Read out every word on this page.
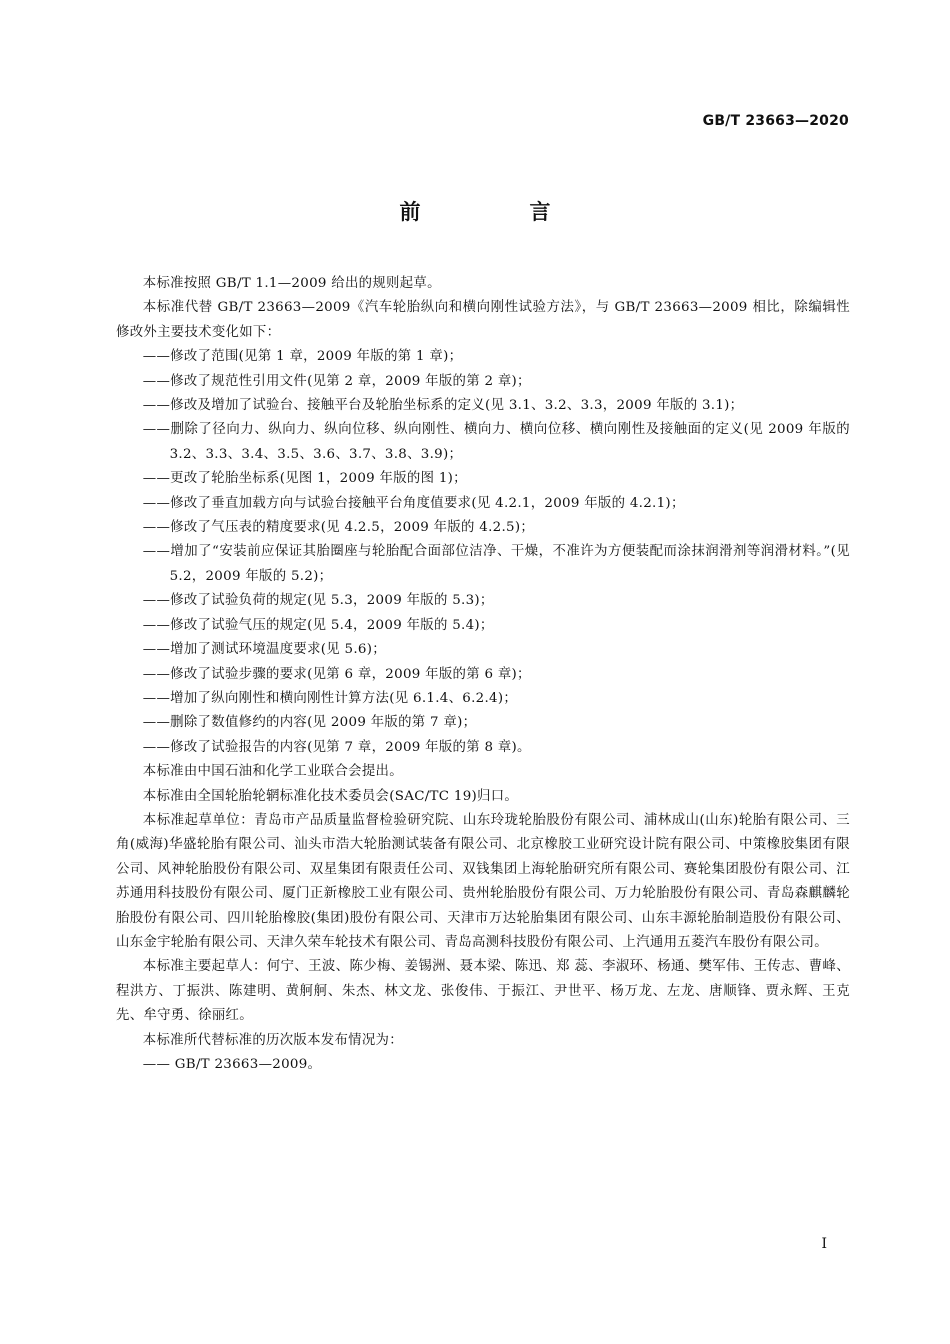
GB/T 23663—2020
前　言

本标准按照 GB/T 1.1—2009 给出的规则起草。

本标准代替 GB/T 23663—2009《汽车轮胎纵向和横向刚性试验方法》，与 GB/T 23663—2009 相比，除编辑性修改外主要技术变化如下：

——修改了范围(见第 1 章，2009 年版的第 1 章)；

——修改了规范性引用文件(见第 2 章，2009 年版的第 2 章)；

——修改及增加了试验台、接触平台及轮胎坐标系的定义(见 3.1、3.2、3.3，2009 年版的 3.1)；

——删除了径向力、纵向力、纵向位移、纵向刚性、横向力、横向位移、横向刚性及接触面的定义(见 2009 年版的 3.2、3.3、3.4、3.5、3.6、3.7、3.8、3.9)；

——更改了轮胎坐标系(见图 1，2009 年版的图 1)；

——修改了垂直加载方向与试验台接触平台角度值要求(见 4.2.1，2009 年版的 4.2.1)；

——修改了气压表的精度要求(见 4.2.5，2009 年版的 4.2.5)；

——增加了“安装前应保证其胎圈座与轮胎配合面部位洁净、干燥，不准许为方便装配而涂抹润滑剂等润滑材料。”(见 5.2，2009 年版的 5.2)；

——修改了试验负荷的规定(见 5.3，2009 年版的 5.3)；

——修改了试验气压的规定(见 5.4，2009 年版的 5.4)；

——增加了测试环境温度要求(见 5.6)；

——修改了试验步骤的要求(见第 6 章，2009 年版的第 6 章)；

——增加了纵向刚性和横向刚性计算方法(见 6.1.4、6.2.4)；

——删除了数值修约的内容(见 2009 年版的第 7 章)；

——修改了试验报告的内容(见第 7 章，2009 年版的第 8 章)。

本标准由中国石油和化学工业联合会提出。

本标准由全国轮胎轮辋标准化技术委员会(SAC/TC 19)归口。

本标准起草单位：青岛市产品质量监督检验研究院、山东玲珑轮胎股份有限公司、浦林成山(山东)轮胎有限公司、三角(威海)华盛轮胎有限公司、汕头市浩大轮胎测试装备有限公司、北京橡胶工业研究设计院有限公司、中策橡胶集团有限公司、风神轮胎股份有限公司、双星集团有限责任公司、双钱集团上海轮胎研究所有限公司、赛轮集团股份有限公司、江苏通用科技股份有限公司、厦门正新橡胶工业有限公司、贵州轮胎股份有限公司、万力轮胎股份有限公司、青岛森麒麟轮胎股份有限公司、四川轮胎橡胶(集团)股份有限公司、天津市万达轮胎集团有限公司、山东丰源轮胎制造股份有限公司、山东金宇轮胎有限公司、天津久荣车轮技术有限公司、青岛高测科技股份有限公司、上汽通用五菱汽车股份有限公司。

本标准主要起草人：何宁、王波、陈少梅、姜锡洲、聂本梁、陈迅、郑 蕊、李淑环、杨通、樊军伟、王传志、曹峰、程洪方、丁振洪、陈建明、黄舸舸、朱杰、林文龙、张俊伟、于振江、尹世平、杨万龙、左龙、唐顺锋、贾永辉、王克先、牟守勇、徐丽红。

本标准所代替标准的历次版本发布情况为：

—— GB/T 23663—2009。

I
